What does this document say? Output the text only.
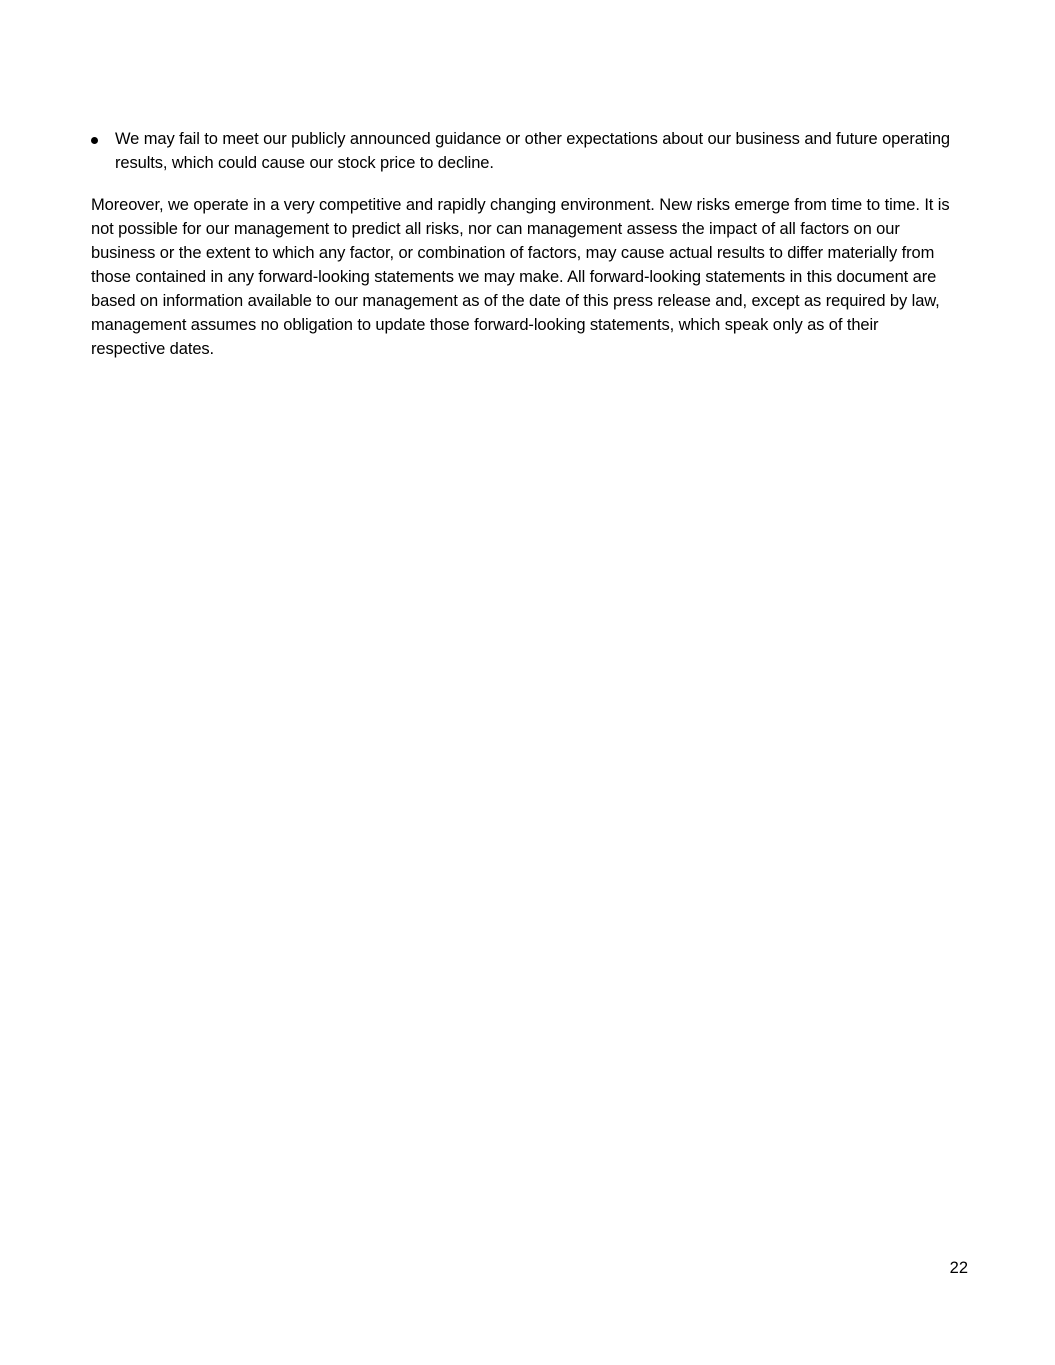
We may fail to meet our publicly announced guidance or other expectations about our business and future operating results, which could cause our stock price to decline.

Moreover, we operate in a very competitive and rapidly changing environment. New risks emerge from time to time. It is not possible for our management to predict all risks, nor can management assess the impact of all factors on our business or the extent to which any factor, or combination of factors, may cause actual results to differ materially from those contained in any forward-looking statements we may make. All forward-looking statements in this document are based on information available to our management as of the date of this press release and, except as required by law, management assumes no obligation to update those forward-looking statements, which speak only as of their respective dates.

22
